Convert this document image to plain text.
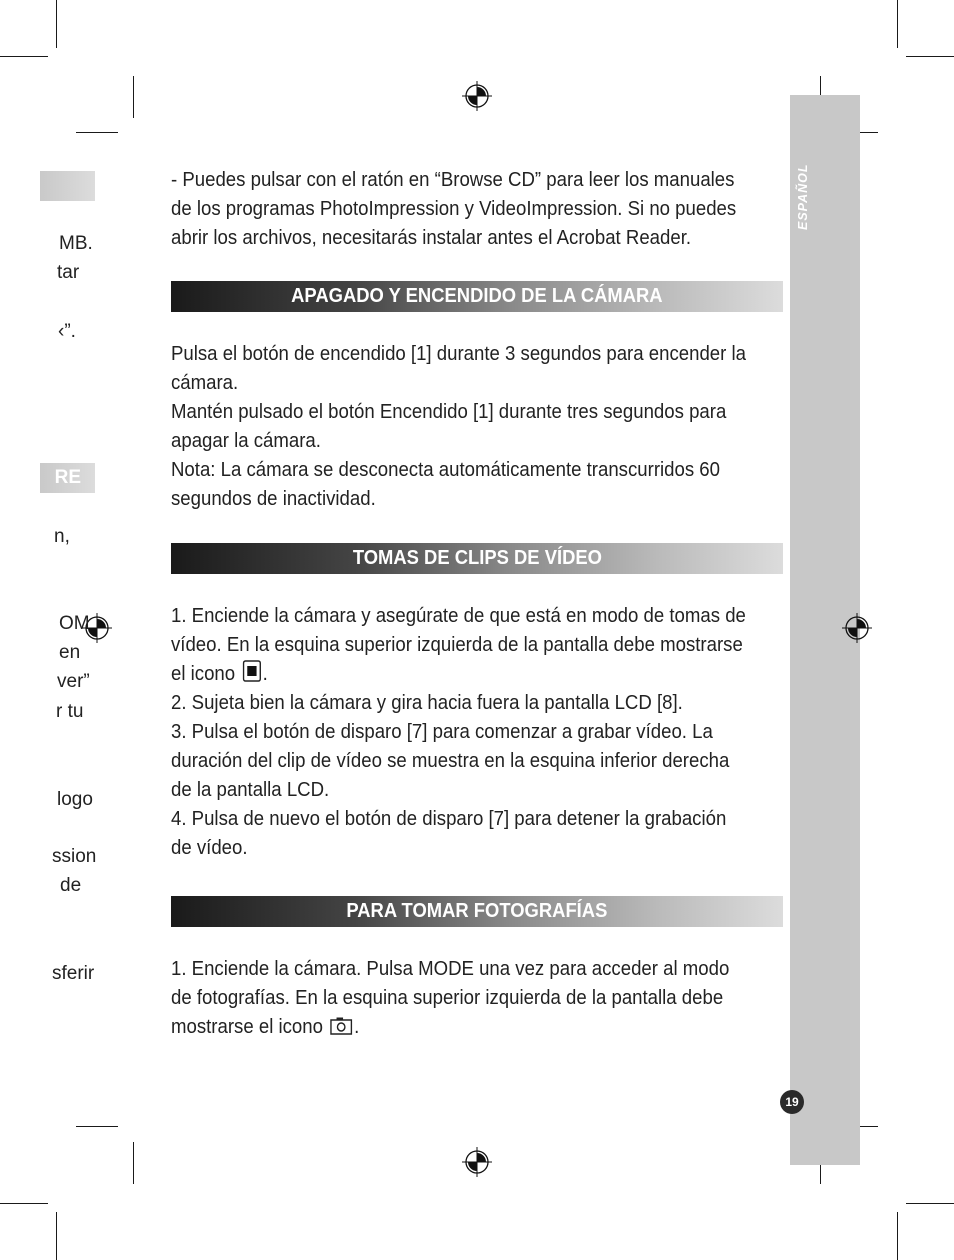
ESPAÑOL
19
RE
MB.
tar
‹”.
n,
OM
en
ver”
r tu
logo
ssion
de
sferir

- Puedes pulsar con el ratón en “Browse CD” para leer los manuales de los programas PhotoImpression y VideoImpression. Si no puedes abrir los archivos, necesitarás instalar antes el Acrobat Reader.

APAGADO Y ENCENDIDO DE LA CÁMARA

Pulsa el botón de encendido [1] durante 3 segundos para encender la cámara.

Mantén pulsado el botón Encendido [1] durante tres segundos para apagar la cámara.

Nota: La cámara se desconecta automáticamente transcurridos 60 segundos de inactividad.

TOMAS DE CLIPS DE VÍDEO

1. Enciende la cámara y asegúrate de que está en modo de tomas de vídeo. En la esquina superior izquierda de la pantalla debe mostrarse el icono .

2. Sujeta bien la cámara y gira hacia fuera la pantalla LCD [8].

3. Pulsa el botón de disparo [7] para comenzar a grabar vídeo. La duración del clip de vídeo se muestra en la esquina inferior derecha de la pantalla LCD.

4. Pulsa de nuevo el botón de disparo [7] para detener la grabación de vídeo.

PARA TOMAR FOTOGRAFÍAS

1. Enciende la cámara. Pulsa MODE una vez para acceder al modo de fotografías. En la esquina superior izquierda de la pantalla debe mostrarse el icono .
